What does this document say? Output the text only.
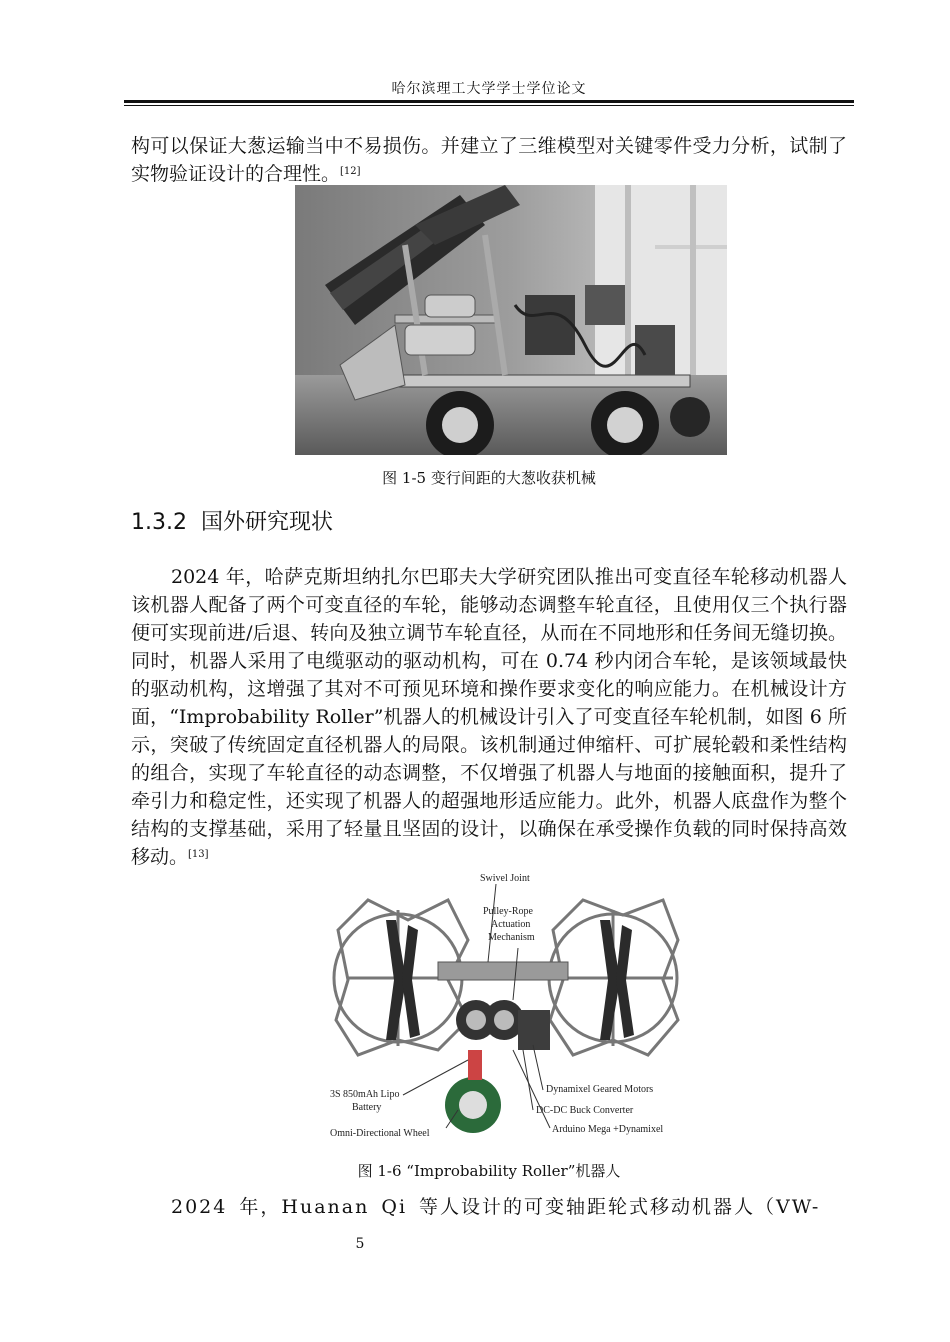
哈尔滨理工大学学士学位论文

构可以保证大葱运输当中不易损伤。并建立了三维模型对关键零件受力分析，试制了实物验证设计的合理性。[12]

图 1-5 变行间距的大葱收获机械
1.3.2 国外研究现状

2024 年，哈萨克斯坦纳扎尔巴耶夫大学研究团队推出可变直径车轮移动机器人该机器人配备了两个可变直径的车轮，能够动态调整车轮直径，且使用仅三个执行器便可实现前进/后退、转向及独立调节车轮直径，从而在不同地形和任务间无缝切换。同时，机器人采用了电缆驱动的驱动机构，可在 0.74 秒内闭合车轮，是该领域最快的驱动机构，这增强了其对不可预见环境和操作要求变化的响应能力。在机械设计方面，“Improbability Roller”机器人的机械设计引入了可变直径车轮机制，如图 6 所示，突破了传统固定直径机器人的局限。该机制通过伸缩杆、可扩展轮毂和柔性结构的组合，实现了车轮直径的动态调整，不仅增强了机器人与地面的接触面积，提升了牵引力和稳定性，还实现了机器人的超强地形适应能力。此外，机器人底盘作为整个结构的支撑基础，采用了轻量且坚固的设计，以确保在承受操作负载的同时保持高效移动。[13]

Swivel Joint
Pulley-Rope
Actuation
Mechanism
3S 850mAh Lipo
Battery
Omni-Directional Wheel
Dynamixel Geared Motors
DC-DC Buck Converter
Arduino Mega +Dynamixel
图 1-6 “Improbability Roller”机器人

2024 年，Huanan Qi 等人设计的可变轴距轮式移动机器人（VW-

5
